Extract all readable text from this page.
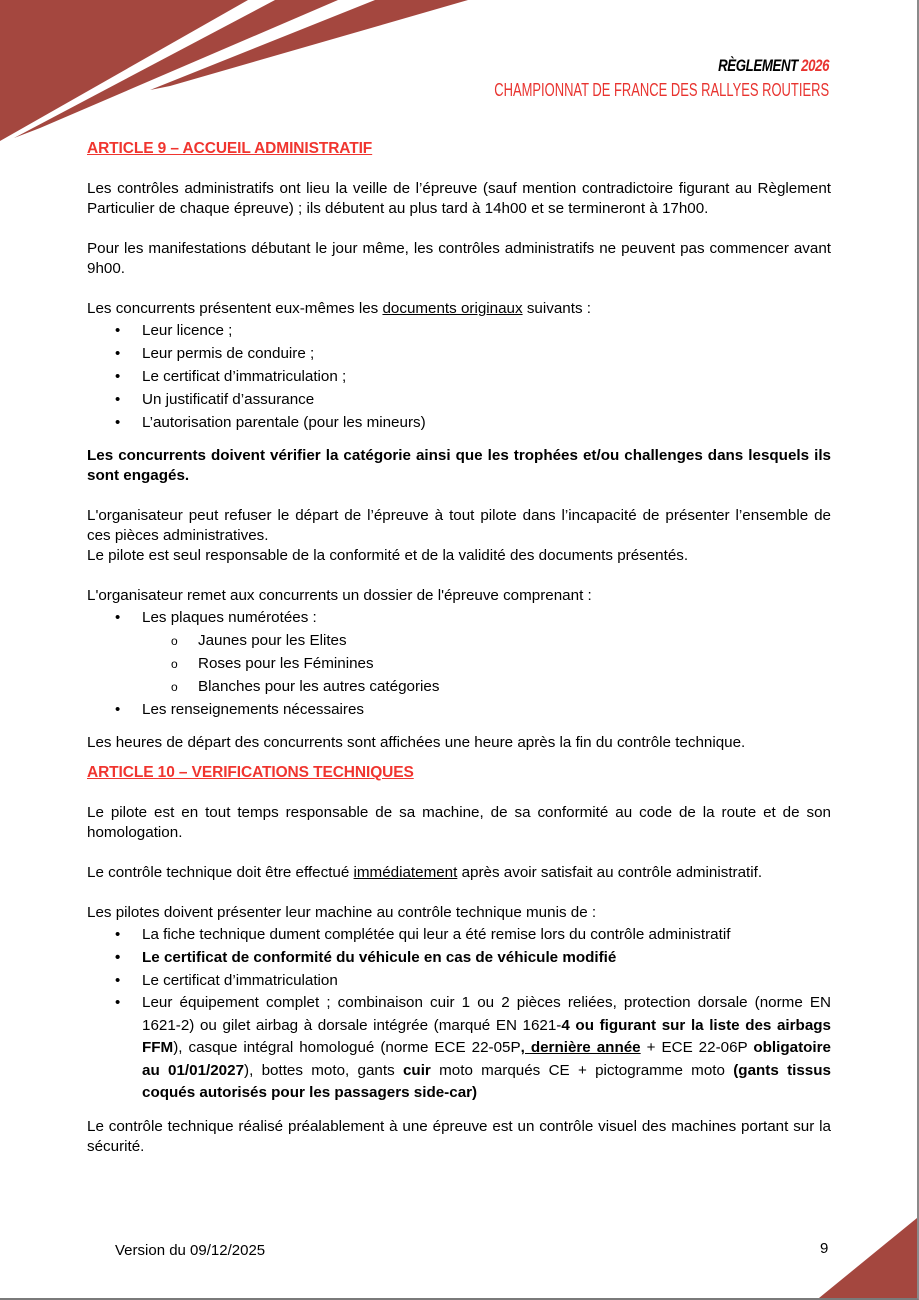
RÈGLEMENT 2026
CHAMPIONNAT DE FRANCE DES RALLYES ROUTIERS

ARTICLE 9 – ACCUEIL ADMINISTRATIF

Les contrôles administratifs ont lieu la veille de l’épreuve (sauf mention contradictoire figurant au Règlement Particulier de chaque épreuve) ; ils débutent au plus tard à 14h00 et se termineront à 17h00.

Pour les manifestations débutant le jour même, les contrôles administratifs ne peuvent pas commencer avant 9h00.

Les concurrents présentent eux-mêmes les documents originaux suivants :

• Leur licence ;
• Leur permis de conduire ;
• Le certificat d’immatriculation ;
• Un justificatif d’assurance
• L’autorisation parentale (pour les mineurs)

Les concurrents doivent vérifier la catégorie ainsi que les trophées et/ou challenges dans lesquels ils sont engagés.

L'organisateur peut refuser le départ de l’épreuve à tout pilote dans l’incapacité de présenter l’ensemble de ces pièces administratives.

Le pilote est seul responsable de la conformité et de la validité des documents présentés.

L'organisateur remet aux concurrents un dossier de l'épreuve comprenant :

• Les plaques numérotées :
o Jaunes pour les Elites
o Roses pour les Féminines
o Blanches pour les autres catégories
• Les renseignements nécessaires

Les heures de départ des concurrents sont affichées une heure après la fin du contrôle technique.

ARTICLE 10 – VERIFICATIONS TECHNIQUES

Le pilote est en tout temps responsable de sa machine, de sa conformité au code de la route et de son homologation.

Le contrôle technique doit être effectué immédiatement après avoir satisfait au contrôle administratif.

Les pilotes doivent présenter leur machine au contrôle technique munis de :

• La fiche technique dument complétée qui leur a été remise lors du contrôle administratif
• Le certificat de conformité du véhicule en cas de véhicule modifié
• Le certificat d’immatriculation
• Leur équipement complet ; combinaison cuir 1 ou 2 pièces reliées, protection dorsale (norme EN 1621-2) ou gilet airbag à dorsale intégrée (marqué EN 1621-4 ou figurant sur la liste des airbags FFM), casque intégral homologué (norme ECE 22-05P, dernière année + ECE 22-06P obligatoire au 01/01/2027), bottes moto, gants cuir moto marqués CE + pictogramme moto (gants tissus coqués autorisés pour les passagers side-car)

Le contrôle technique réalisé préalablement à une épreuve est un contrôle visuel des machines portant sur la sécurité.

Version du 09/12/2025	9
